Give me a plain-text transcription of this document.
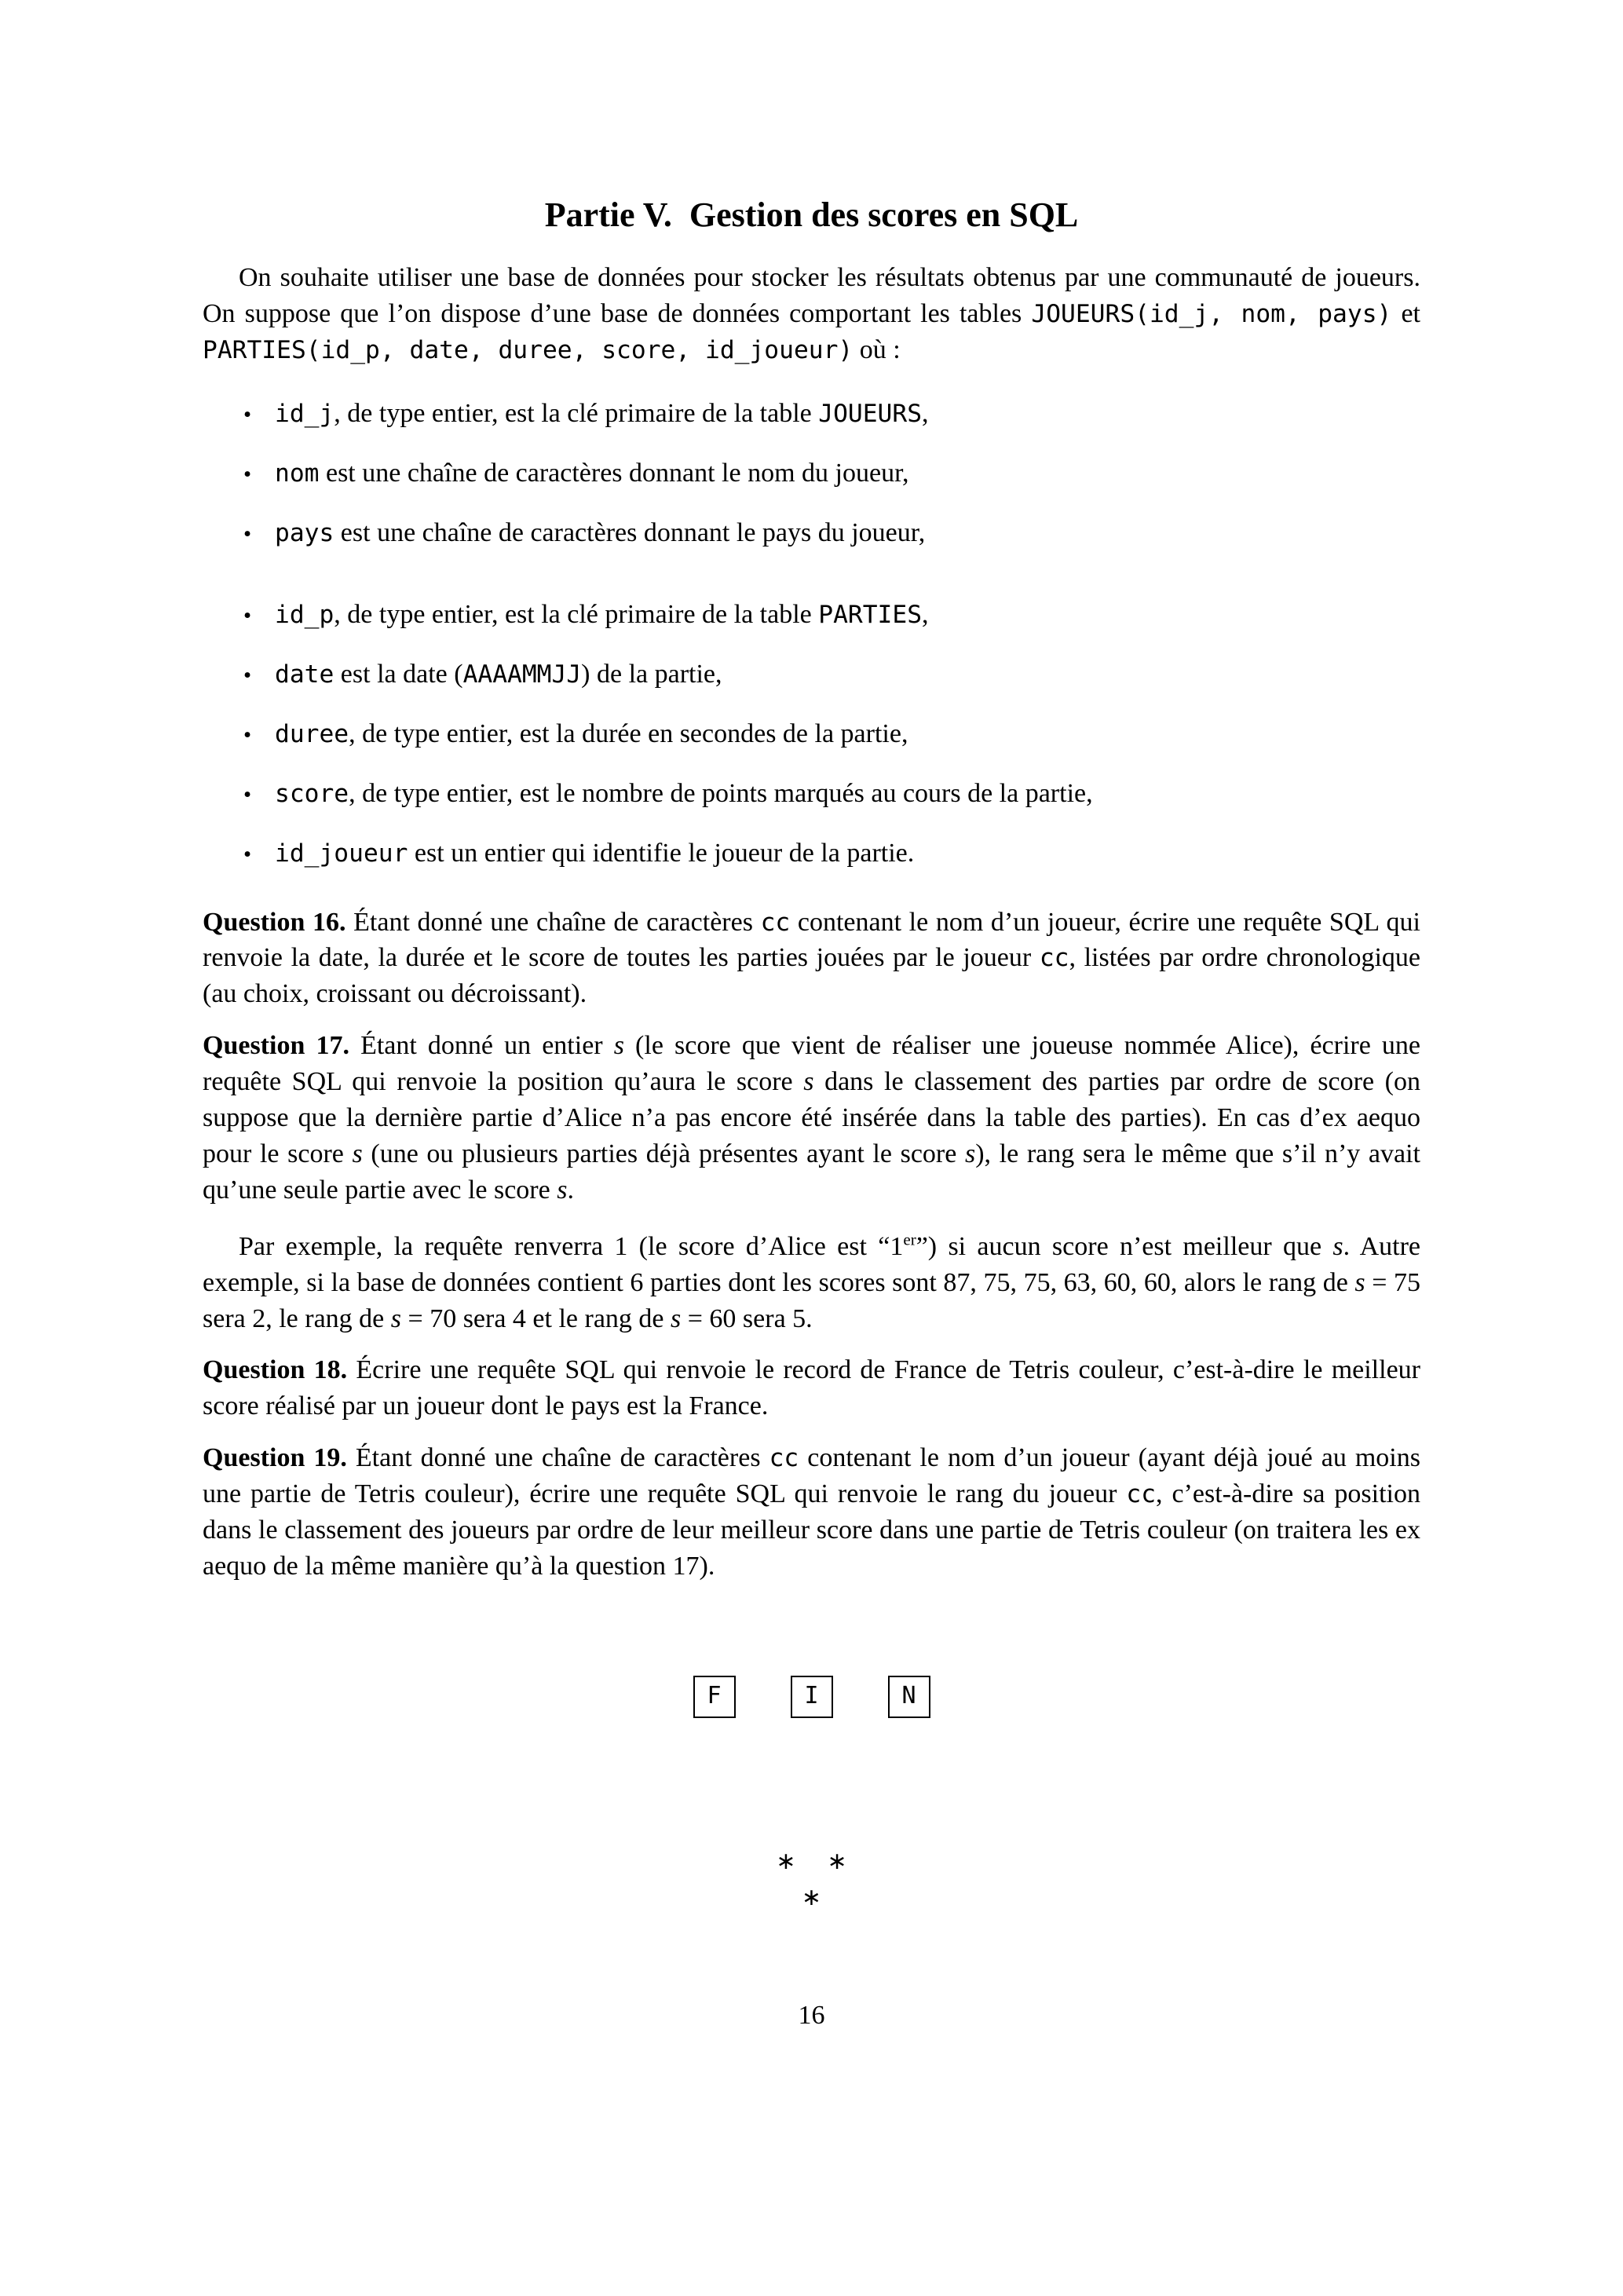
Partie V.  Gestion des scores en SQL

On souhaite utiliser une base de données pour stocker les résultats obtenus par une communauté de joueurs. On suppose que l’on dispose d’une base de données comportant les tables JOUEURS(id_j, nom, pays) et PARTIES(id_p, date, duree, score, id_joueur) où :

• id_j, de type entier, est la clé primaire de la table JOUEURS,
• nom est une chaîne de caractères donnant le nom du joueur,
• pays est une chaîne de caractères donnant le pays du joueur,
• id_p, de type entier, est la clé primaire de la table PARTIES,
• date est la date (AAAAMMJJ) de la partie,
• duree, de type entier, est la durée en secondes de la partie,
• score, de type entier, est le nombre de points marqués au cours de la partie,
• id_joueur est un entier qui identifie le joueur de la partie.

Question 16. Étant donné une chaîne de caractères cc contenant le nom d’un joueur, écrire une requête SQL qui renvoie la date, la durée et le score de toutes les parties jouées par le joueur cc, listées par ordre chronologique (au choix, croissant ou décroissant).

Question 17. Étant donné un entier s (le score que vient de réaliser une joueuse nommée Alice), écrire une requête SQL qui renvoie la position qu’aura le score s dans le classement des parties par ordre de score (on suppose que la dernière partie d’Alice n’a pas encore été insérée dans la table des parties). En cas d’ex aequo pour le score s (une ou plusieurs parties déjà présentes ayant le score s), le rang sera le même que s’il n’y avait qu’une seule partie avec le score s.

Par exemple, la requête renverra 1 (le score d’Alice est “1er”) si aucun score n’est meilleur que s. Autre exemple, si la base de données contient 6 parties dont les scores sont 87, 75, 75, 63, 60, 60, alors le rang de s = 75 sera 2, le rang de s = 70 sera 4 et le rang de s = 60 sera 5.

Question 18. Écrire une requête SQL qui renvoie le record de France de Tetris couleur, c’est-à-dire le meilleur score réalisé par un joueur dont le pays est la France.

Question 19. Étant donné une chaîne de caractères cc contenant le nom d’un joueur (ayant déjà joué au moins une partie de Tetris couleur), écrire une requête SQL qui renvoie le rang du joueur cc, c’est-à-dire sa position dans le classement des joueurs par ordre de leur meilleur score dans une partie de Tetris couleur (on traitera les ex aequo de la même manière qu’à la question 17).

F	I	N
∗ ∗
∗
16
